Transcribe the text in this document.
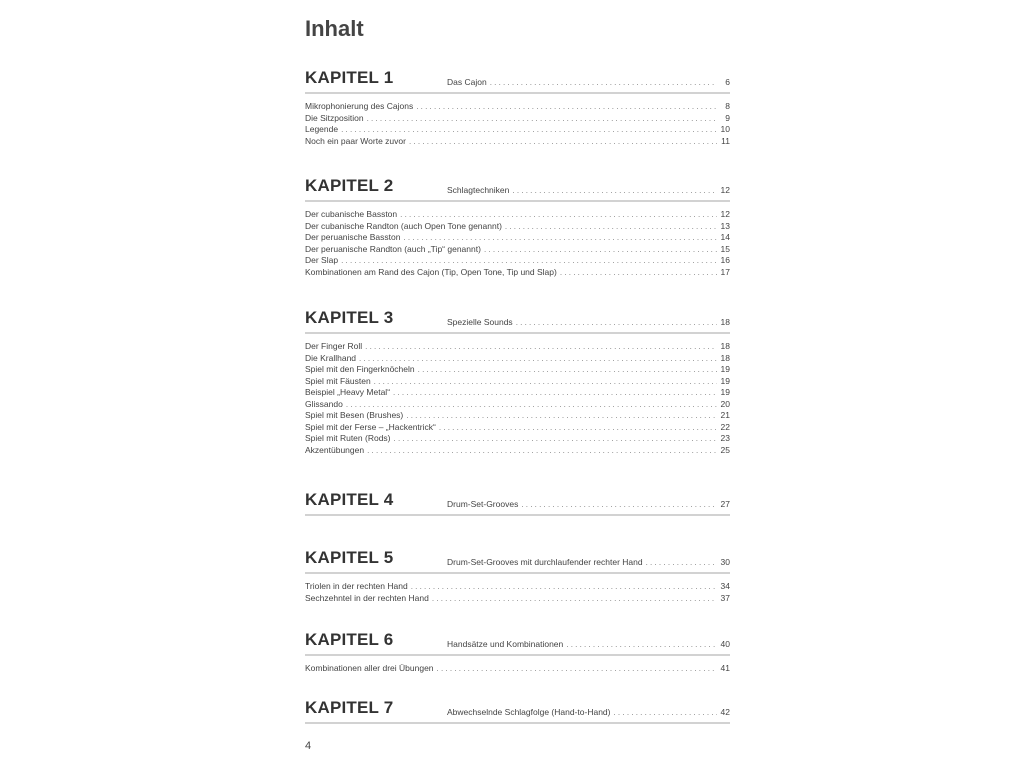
Inhalt
KAPITEL 1	Das Cajon . . .	6
Mikrophonierung des Cajons . . .	8
Die Sitzposition . . .	9
Legende . . .	10
Noch ein paar Worte zuvor . . .	11
KAPITEL 2	Schlagtechniken . . .	12
Der cubanische Basston . . .	12
Der cubanische Randton (auch Open Tone genannt) . . .	13
Der peruanische Basston . . .	14
Der peruanische Randton (auch „Tip“ genannt) . . .	15
Der Slap . . .	16
Kombinationen am Rand des Cajon (Tip, Open Tone, Tip und Slap) . . .	17
KAPITEL 3	Spezielle Sounds . . .	18
Der Finger Roll . . .	18
Die Krallhand . . .	18
Spiel mit den Fingerknöcheln . . .	19
Spiel mit Fäusten . . .	19
Beispiel „Heavy Metal“ . . .	19
Glissando . . .	20
Spiel mit Besen (Brushes) . . .	21
Spiel mit der Ferse – „Hackentrick“ . . .	22
Spiel mit Ruten (Rods) . . .	23
Akzentübungen . . .	25
KAPITEL 4	Drum-Set-Grooves . . .	27
KAPITEL 5	Drum-Set-Grooves mit durchlaufender rechter Hand . . .	30
Triolen in der rechten Hand . . .	34
Sechzehntel in der rechten Hand . . .	37
KAPITEL 6	Handsätze und Kombinationen . . .	40
Kombinationen aller drei Übungen . . .	41
KAPITEL 7	Abwechselnde Schlagfolge (Hand-to-Hand) . . .	42
4
